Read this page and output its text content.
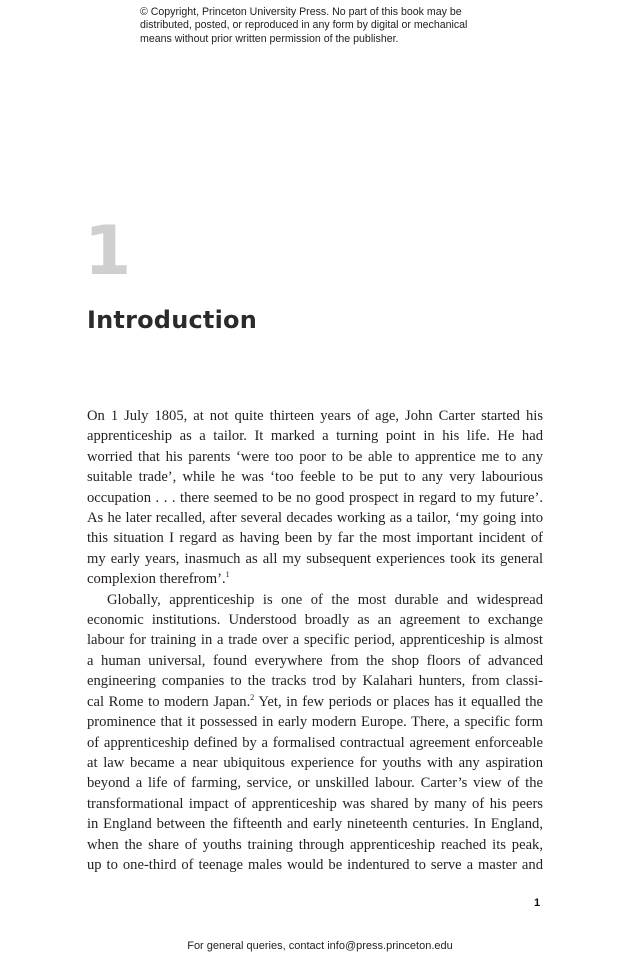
© Copyright, Princeton University Press. No part of this book may be
distributed, posted, or reproduced in any form by digital or mechanical
means without prior written permission of the publisher.
1
Introduction
On 1 July 1805, at not quite thirteen years of age, John Carter started his
apprenticeship as a tailor. It marked a turning point in his life. He had
worried that his parents ‘were too poor to be able to apprentice me to any
suitable trade’, while he was ‘too feeble to be put to any very labourious
occupation . . . there seemed to be no good prospect in regard to my future’.
As he later recalled, after several decades working as a tailor, ‘my going into
this situation I regard as having been by far the most important incident of
my early years, inasmuch as all my subsequent experiences took its general
complexion therefrom’.$^1$
Globally, apprenticeship is one of the most durable and widespread
economic institutions. Understood broadly as an agreement to exchange
labour for training in a trade over a specific period, apprenticeship is almost
a human universal, found everywhere from the shop floors of advanced
engineering companies to the tracks trod by Kalahari hunters, from classi-
cal Rome to modern Japan.$^2$ Yet, in few periods or places has it equalled the
prominence that it possessed in early modern Europe. There, a specific form
of apprenticeship defined by a formalised contractual agreement enforceable
at law became a near ubiquitous experience for youths with any aspiration
beyond a life of farming, service, or unskilled labour. Carter’s view of the
transformational impact of apprenticeship was shared by many of his peers
in England between the fifteenth and early nineteenth centuries. In England,
when the share of youths training through apprenticeship reached its peak,
up to one-third of teenage males would be indentured to serve a master and
1
For general queries, contact info@press.princeton.edu
